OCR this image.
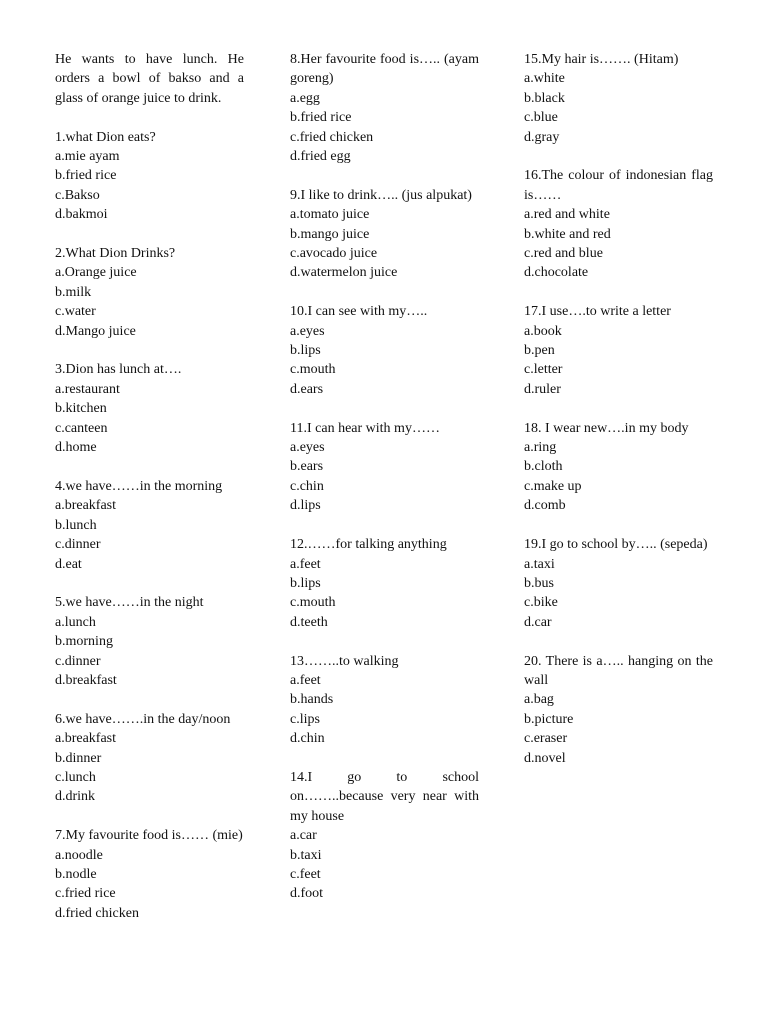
He wants to have lunch. He orders a bowl of bakso and a glass of orange juice to drink.
1.what Dion eats?
a.mie ayam
b.fried rice
c.Bakso
d.bakmoi
2.What Dion Drinks?
a.Orange juice
b.milk
c.water
d.Mango juice
3.Dion has lunch at….
a.restaurant
b.kitchen
c.canteen
d.home
4.we have……in the morning
a.breakfast
b.lunch
c.dinner
d.eat
5.we have……in the night
a.lunch
b.morning
c.dinner
d.breakfast
6.we have…….in the day/noon
a.breakfast
b.dinner
c.lunch
d.drink
7.My favourite food is…… (mie)
a.noodle
b.nodle
c.fried rice
d.fried chicken
8.Her favourite food is….. (ayam goreng)
a.egg
b.fried rice
c.fried chicken
d.fried egg
9.I like to drink….. (jus alpukat)
a.tomato juice
b.mango juice
c.avocado juice
d.watermelon juice
10.I can see with my…..
a.eyes
b.lips
c.mouth
d.ears
11.I can hear with my……
a.eyes
b.ears
c.chin
d.lips
12.……for talking anything
a.feet
b.lips
c.mouth
d.teeth
13……..to walking
a.feet
b.hands
c.lips
d.chin
14.I go to school on……..because very near with my house
a.car
b.taxi
c.feet
d.foot
15.My hair is……. (Hitam)
a.white
b.black
c.blue
d.gray
16.The colour of indonesian flag is……
a.red and white
b.white and red
c.red and blue
d.chocolate
17.I use….to write a letter
a.book
b.pen
c.letter
d.ruler
18. I wear new….in my body
a.ring
b.cloth
c.make up
d.comb
19.I go to school by….. (sepeda)
a.taxi
b.bus
c.bike
d.car
20. There is a….. hanging on the wall
a.bag
b.picture
c.eraser
d.novel
